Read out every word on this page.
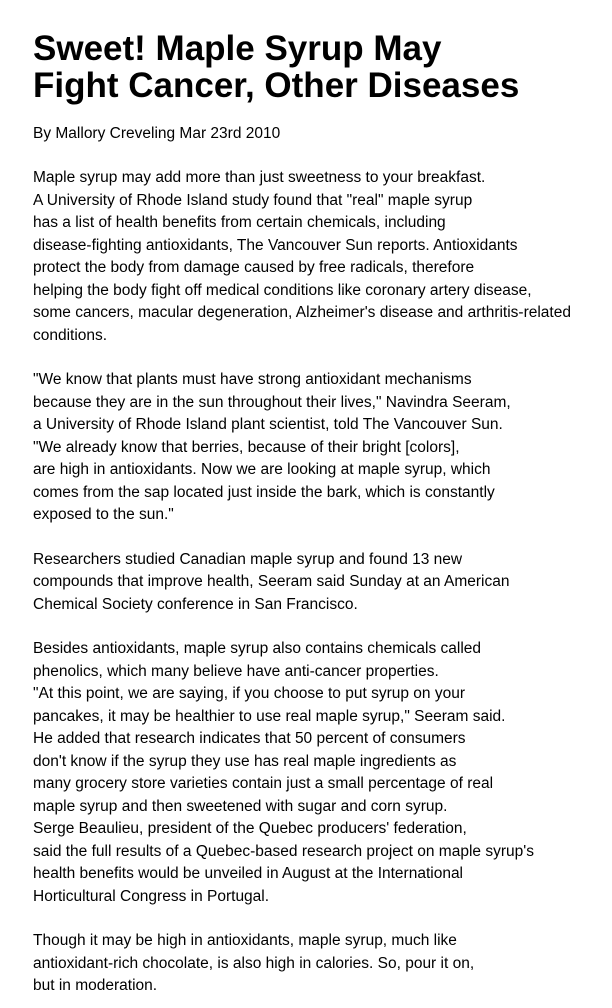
Sweet! Maple Syrup May
Fight Cancer, Other Diseases
By Mallory Creveling Mar 23rd 2010
Maple syrup may add more than just sweetness to your breakfast.
A University of Rhode Island study found that "real" maple syrup
has a list of health benefits from certain chemicals, including
disease-fighting antioxidants, The Vancouver Sun reports. Antioxidants
protect the body from damage caused by free radicals, therefore
helping the body fight off medical conditions like coronary artery disease,
some cancers, macular degeneration, Alzheimer's disease and arthritis-related
conditions.
"We know that plants must have strong antioxidant mechanisms
because they are in the sun throughout their lives," Navindra Seeram,
a University of Rhode Island plant scientist, told The Vancouver Sun.
"We already know that berries, because of their bright [colors],
are high in antioxidants. Now we are looking at maple syrup, which
comes from the sap located just inside the bark, which is constantly
exposed to the sun."
Researchers studied Canadian maple syrup and found 13 new
compounds that improve health, Seeram said Sunday at an American
Chemical Society conference in San Francisco.
Besides antioxidants, maple syrup also contains chemicals called
phenolics, which many believe have anti-cancer properties.
"At this point, we are saying, if you choose to put syrup on your
pancakes, it may be healthier to use real maple syrup," Seeram said.
He added that research indicates that 50 percent of consumers
don't know if the syrup they use has real maple ingredients as
many grocery store varieties contain just a small percentage of real
maple syrup and then sweetened with sugar and corn syrup.
Serge Beaulieu, president of the Quebec producers' federation,
said the full results of a Quebec-based research project on maple syrup's
health benefits would be unveiled in August at the International
Horticultural Congress in Portugal.
Though it may be high in antioxidants, maple syrup, much like
antioxidant-rich chocolate, is also high in calories. So, pour it on,
but in moderation.
